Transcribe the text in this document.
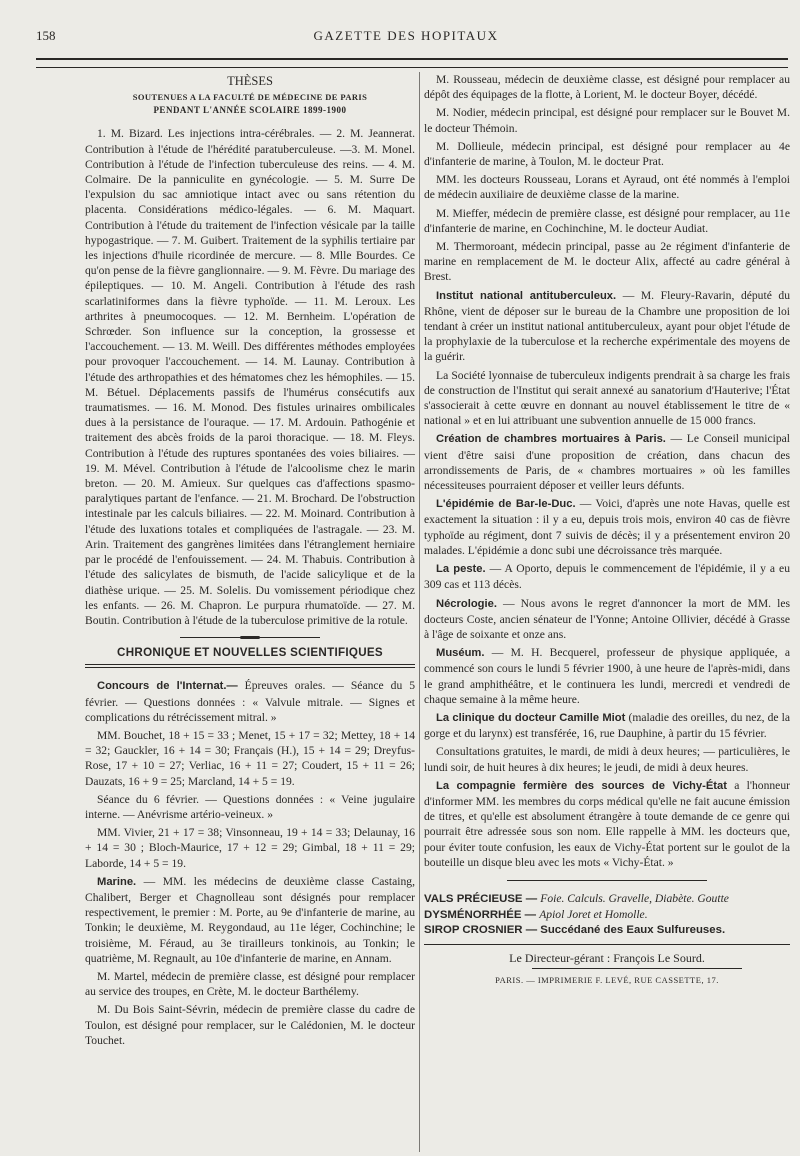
158	GAZETTE DES HOPITAUX
THÈSES
SOUTENUES A LA FACULTÉ DE MÉDECINE DE PARIS
PENDANT L'ANNÉE SCOLAIRE 1899-1900

1. M. Bizard. Les injections intra-cérébrales. — 2. M. Jeannerat. Contribution à l'étude de l'hérédité paratuberculeuse. —3. M. Monel. Contribution à l'étude de l'infection tuberculeuse des reins. — 4. M. Colmaire. De la panniculite en gynécologie. — 5. M. Surre De l'expulsion du sac amniotique intact avec ou sans rétention du placenta. Considérations médico-légales. — 6. M. Maquart. Contribution à l'étude du traitement de l'infection vésicale par la taille hypogastrique. — 7. M. Guibert. Traitement de la syphilis tertiaire par les injections d'huile ricordinée de mercure. — 8. Mlle Bourdes. Ce qu'on pense de la fièvre ganglionnaire. — 9. M. Fèvre. Du mariage des épileptiques. — 10. M. Angeli. Contribution à l'étude des rash scarlatiniformes dans la fièvre typhoïde. — 11. M. Leroux. Les arthrites à pneumocoques. — 12. M. Bernheim. L'opération de Schrœder. Son influence sur la conception, la grossesse et l'accouchement. — 13. M. Weill. Des différentes méthodes employées pour provoquer l'accouchement. — 14. M. Launay. Contribution à l'étude des arthropathies et des hématomes chez les hémophiles. — 15. M. Bétuel. Déplacements passifs de l'humérus consécutifs aux traumatismes. — 16. M. Monod. Des fistules urinaires ombilicales dues à la persistance de l'ouraque. — 17. M. Ardouin. Pathogénie et traitement des abcès froids de la paroi thoracique. — 18. M. Fleys. Contribution à l'étude des ruptures spontanées des voies biliaires. — 19. M. Mével. Contribution à l'étude de l'alcoolisme chez le marin breton. — 20. M. Amieux. Sur quelques cas d'affections spasmo-paralytiques partant de l'enfance. — 21. M. Brochard. De l'obstruction intestinale par les calculs biliaires. — 22. M. Moinard. Contribution à l'étude des luxations totales et compliquées de l'astragale. — 23. M. Arin. Traitement des gangrènes limitées dans l'étranglement herniaire par le procédé de l'enfouissement. — 24. M. Thabuis. Contribution à l'étude des salicylates de bismuth, de l'acide salicylique et de la diathèse urique. — 25. M. Solelis. Du vomissement périodique chez les enfants. — 26. M. Chapron. Le purpura rhumatoïde. — 27. M. Boutin. Contribution à l'étude de la tuberculose primitive de la rotule.

CHRONIQUE ET NOUVELLES SCIENTIFIQUES

Concours de l'Internat.— Épreuves orales. — Séance du 5 février. — Questions données : « Valvule mitrale. — Signes et complications du rétrécissement mitral. »

MM. Bouchet, 18 + 15 = 33 ; Menet, 15 + 17 = 32; Mettey, 18 + 14 = 32; Gauckler, 16 + 14 = 30; Français (H.), 15 + 14 = 29; Dreyfus-Rose, 17 + 10 = 27; Verliac, 16 + 11 = 27; Coudert, 15 + 11 = 26; Dauzats, 16 + 9 = 25; Marcland, 14 + 5 = 19.

Séance du 6 février. — Questions données : « Veine jugulaire interne. — Anévrisme artério-veineux. »

MM. Vivier, 21 + 17 = 38; Vinsonneau, 19 + 14 = 33; Delaunay, 16 + 14 = 30 ; Bloch-Maurice, 17 + 12 = 29; Gimbal, 18 + 11 = 29; Laborde, 14 + 5 = 19.

Marine. — MM. les médecins de deuxième classe Castaing, Chalibert, Berger et Chagnolleau sont désignés pour remplacer respectivement, le premier : M. Porte, au 9e d'infanterie de marine, au Tonkin; le deuxième, M. Reygondaud, au 11e léger, Cochinchine; le troisième, M. Féraud, au 3e tirailleurs tonkinois, au Tonkin; le quatrième, M. Regnault, au 10e d'infanterie de marine, en Annam.

M. Martel, médecin de première classe, est désigné pour remplacer au service des troupes, en Crète, M. le docteur Barthélemy.

M. Du Bois Saint-Sévrin, médecin de première classe du cadre de Toulon, est désigné pour remplacer, sur le Calédonien, M. le docteur Touchet.

M. Rousseau, médecin de deuxième classe, est désigné pour remplacer au dépôt des équipages de la flotte, à Lorient, M. le docteur Boyer, décédé.

M. Nodier, médecin principal, est désigné pour remplacer sur le Bouvet M. le docteur Thémoin.

M. Dollieule, médecin principal, est désigné pour remplacer au 4e d'infanterie de marine, à Toulon, M. le docteur Prat.

MM. les docteurs Rousseau, Lorans et Ayraud, ont été nommés à l'emploi de médecin auxiliaire de deuxième classe de la marine.

M. Mieffer, médecin de première classe, est désigné pour remplacer, au 11e d'infanterie de marine, en Cochinchine, M. le docteur Audiat.

M. Thermoroant, médecin principal, passe au 2e régiment d'infanterie de marine en remplacement de M. le docteur Alix, affecté au cadre général à Brest.

Institut national antituberculeux. — M. Fleury-Ravarin, député du Rhône, vient de déposer sur le bureau de la Chambre une proposition de loi tendant à créer un institut national antituberculeux, ayant pour objet l'étude de la prophylaxie de la tuberculose et la recherche expérimentale des moyens de la guérir.

La Société lyonnaise de tuberculeux indigents prendrait à sa charge les frais de construction de l'Institut qui serait annexé au sanatorium d'Hauterive; l'État s'associerait à cette œuvre en donnant au nouvel établissement le titre de « national » et en lui attribuant une subvention annuelle de 15 000 francs.

Création de chambres mortuaires à Paris. — Le Conseil municipal vient d'être saisi d'une proposition de création, dans chacun des arrondissements de Paris, de « chambres mortuaires » où les familles nécessiteuses pourraient déposer et veiller leurs défunts.

L'épidémie de Bar-le-Duc. — Voici, d'après une note Havas, quelle est exactement la situation : il y a eu, depuis trois mois, environ 40 cas de fièvre typhoïde au régiment, dont 7 suivis de décès; il y a présentement environ 20 malades. L'épidémie a donc subi une décroissance très marquée.

La peste. — A Oporto, depuis le commencement de l'épidémie, il y a eu 309 cas et 113 décès.

Nécrologie. — Nous avons le regret d'annoncer la mort de MM. les docteurs Coste, ancien sénateur de l'Yonne; Antoine Ollivier, décédé à Grasse à l'âge de soixante et onze ans.

Muséum. — M. H. Becquerel, professeur de physique appliquée, a commencé son cours le lundi 5 février 1900, à une heure de l'après-midi, dans le grand amphithéâtre, et le continuera les lundi, mercredi et vendredi de chaque semaine à la même heure.

La clinique du docteur Camille Miot (maladie des oreilles, du nez, de la gorge et du larynx) est transférée, 16, rue Dauphine, à partir du 15 février.

Consultations gratuites, le mardi, de midi à deux heures; — particulières, le lundi soir, de huit heures à dix heures; le jeudi, de midi à deux heures.

La compagnie fermière des sources de Vichy-État a l'honneur d'informer MM. les membres du corps médical qu'elle ne fait aucune émission de titres, et qu'elle est absolument étrangère à toute demande de ce genre qui pourrait être adressée sous son nom. Elle rappelle à MM. les docteurs que, pour éviter toute confusion, les eaux de Vichy-État portent sur le goulot de la bouteille un disque bleu avec les mots « Vichy-État. »

VALS PRÉCIEUSE — Foie. Calculs. Gravelle, Diabète. Goutte

DYSMÉNORRHÉE — Apiol Joret et Homolle.

SIROP CROSNIER — Succédané des Eaux Sulfureuses.

Le Directeur-gérant : François Le Sourd.
PARIS. — IMPRIMERIE F. LEVÉ, RUE CASSETTE, 17.
